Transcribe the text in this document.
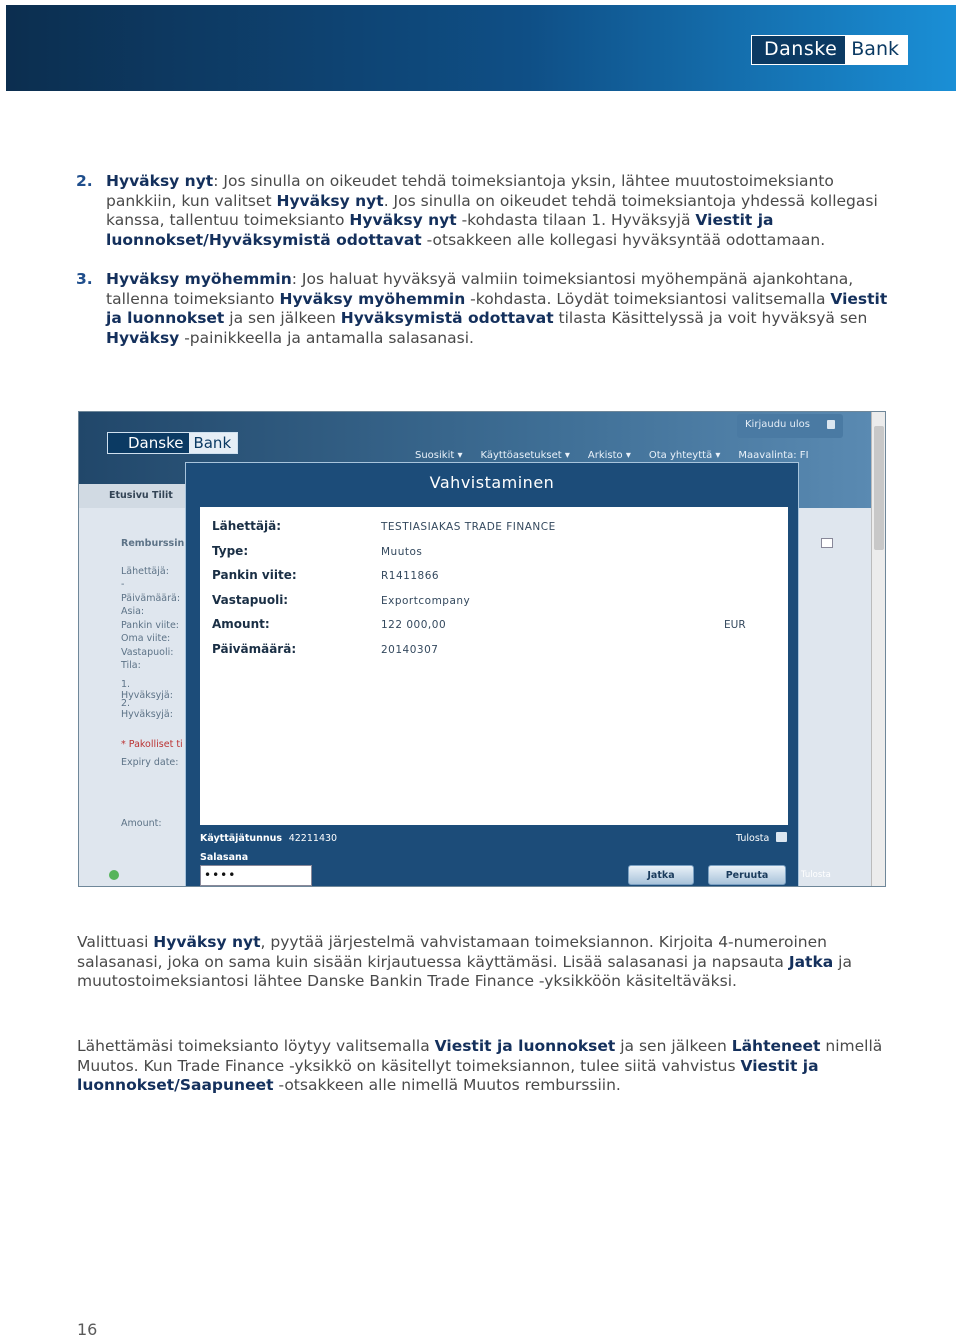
Danske Bank
2. Hyväksy nyt: Jos sinulla on oikeudet tehdä toimeksiantoja yksin, lähtee muutostoimeksianto pankkiin, kun valitset Hyväksy nyt. Jos sinulla on oikeudet tehdä toimeksiantoja yhdessä kollegasi kanssa, tallentuu toimeksianto Hyväksy nyt -kohdasta tilaan 1. Hyväksyjä Viestit ja luonnokset/Hyväksymistä odottavat -otsakkeen alle kollegasi hyväksyntää odottamaan.
3. Hyväksy myöhemmin: Jos haluat hyväksyä valmiin toimeksiantosi myöhempänä ajankohtana, tallenna toimeksianto Hyväksy myöhemmin -kohdasta. Löydät toimeksiantosi valitsemalla Viestit ja luonnokset ja sen jälkeen Hyväksymistä odottavat tilasta Käsittelyssä ja voit hyväksyä sen Hyväksy -painikkeella ja antamalla salasanasi.
Danske Bank
Kirjaudu ulos
Suosikit ▾ Käyttöasetukset ▾ Arkisto ▾ Ota yhteyttä ▾ Maavalinta: FI
Etusivu Tilit
Remburssin
Lähettäjä:
-
Päivämäärä:
Asia:
Pankin viite:
Oma viite:
Vastapuoli:
Tila:
1. Hyväksyjä:
2. Hyväksyjä:
* Pakolliset ti
Expiry date:
Amount:
Vahvistaminen
Lähettäjä:	TESTIASIAKAS TRADE FINANCE
Type:	Muutos
Pankin viite:	R1411866
Vastapuoli:	Exportcompany
Amount:	122 000,00	EUR
Päivämäärä:	20140307
Käyttäjätunnus 42211430	Tulosta
Salasana
••••	Jatka	Peruuta	Tulosta
Valittuasi Hyväksy nyt, pyytää järjestelmä vahvistamaan toimeksiannon. Kirjoita 4-numeroinen salasanasi, joka on sama kuin sisään kirjautuessa käyttämäsi. Lisää salasanasi ja napsauta Jatka ja muutostoimeksiantosi lähtee Danske Bankin Trade Finance -yksikköön käsiteltäväksi.
Lähettämäsi toimeksianto löytyy valitsemalla Viestit ja luonnokset ja sen jälkeen Lähteneet nimellä Muutos. Kun Trade Finance -yksikkö on käsitellyt toimeksiannon, tulee siitä vahvistus Viestit ja luonnokset/Saapuneet -otsakkeen alle nimellä Muutos remburssiin.
16
